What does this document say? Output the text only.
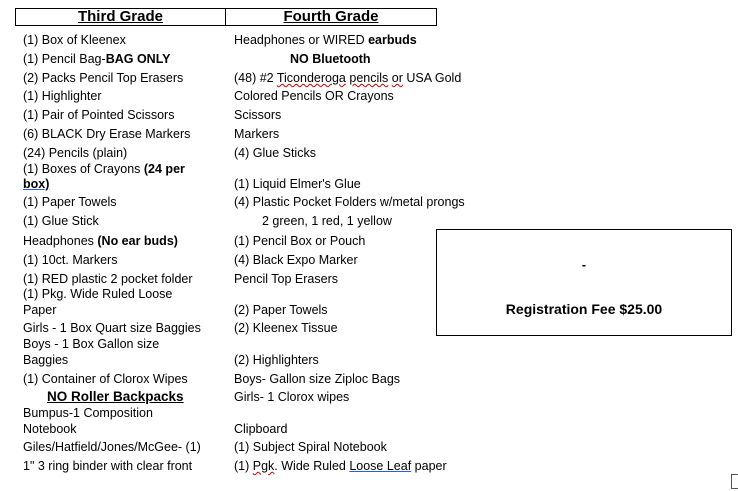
Third Grade	Fourth Grade
(1) Box of Kleenex
(1) Pencil Bag-BAG ONLY
(2) Packs Pencil Top Erasers
(1) Highlighter
(1) Pair of Pointed Scissors
(6) BLACK Dry Erase Markers
(24) Pencils (plain)
(1) Boxes of Crayons (24 per
box)
(1) Paper Towels
(1) Glue Stick
Headphones (No ear buds)
(1) 10ct. Markers
(1) RED plastic 2 pocket folder
(1) Pkg. Wide Ruled Loose
Paper
Girls - 1 Box Quart size Baggies
Boys - 1 Box Gallon size
Baggies
(1) Container of Clorox Wipes
NO Roller Backpacks
Bumpus-1 Composition
Notebook
Giles/Hatfield/Jones/McGee- (1)
1" 3 ring binder with clear front
Headphones or WIRED earbuds
NO Bluetooth
(48) #2 Ticonderoga pencils or USA Gold
Colored Pencils OR Crayons
Scissors
Markers
(4) Glue Sticks
(1) Liquid Elmer's Glue
(4) Plastic Pocket Folders w/metal prongs
2 green, 1 red, 1 yellow
(1) Pencil Box or Pouch
(4) Black Expo Marker
Pencil Top Erasers
(2) Paper Towels
(2) Kleenex Tissue
(2) Highlighters
Boys- Gallon size Ziploc Bags
Girls- 1 Clorox wipes
Clipboard
(1) Subject Spiral Notebook
(1) Pgk. Wide Ruled Loose Leaf paper
-
Registration Fee $25.00
